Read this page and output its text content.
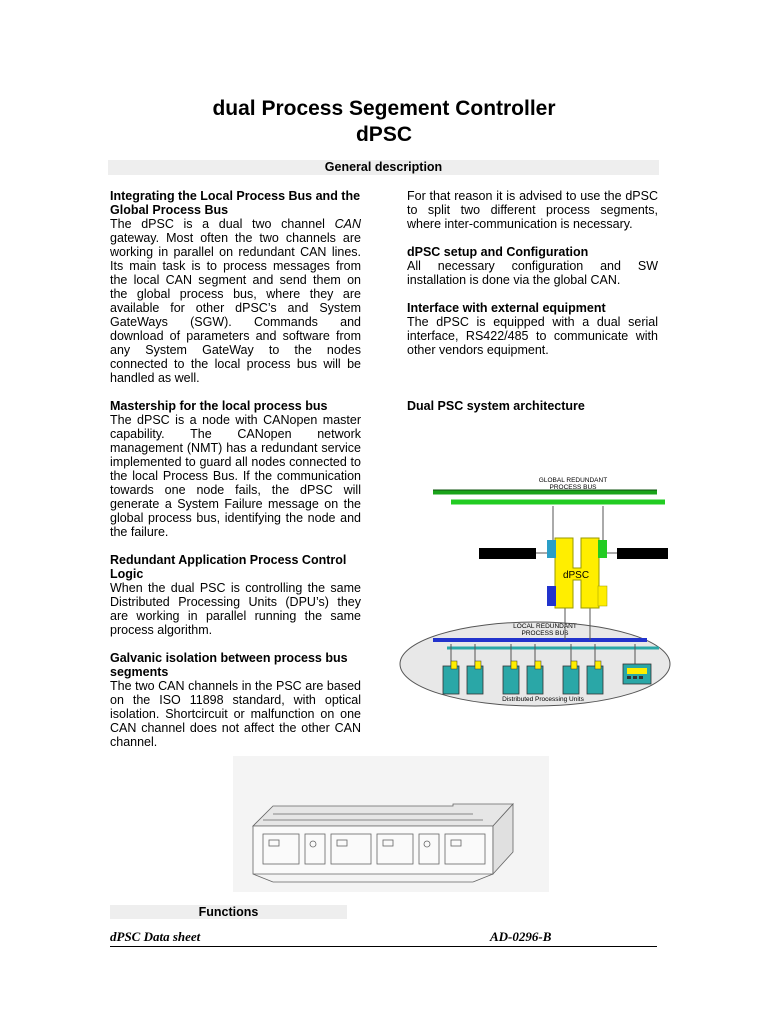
dual Process Segement Controller
dPSC
General description
Integrating the Local Process Bus and the Global Process Bus

The dPSC is a dual two channel CAN gateway. Most often the two channels are working in parallel on redundant CAN lines. Its main task is to process messages from the local CAN segment and send them on the global process bus, where they are available for other dPSC’s and System GateWays (SGW). Commands and download of parameters and software from any System GateWay to the nodes connected to the local process bus will be handled as well.

Mastership for the local process bus

The dPSC is a node with CANopen master capability. The CANopen network management (NMT) has a redundant service implemented to guard all nodes connected to the local Process Bus. If the communication towards one node fails, the dPSC will generate a System Failure message on the global process bus, identifying the node and the failure.

Redundant Application Process Control Logic

When the dual PSC is controlling the same Distributed Processing Units (DPU’s) they are working in parallel running the same process algorithm.

Galvanic isolation between process bus segments

The two CAN channels in the PSC are based on the ISO 11898 standard, with optical isolation. Shortcircuit or malfunction on one CAN channel does not affect the other CAN channel.

For that reason it is advised to use the dPSC to split two different process segments, where inter-communication is necessary.

dPSC setup and Configuration

All necessary configuration and SW installation is done via the global CAN.

Interface with external equipment

The dPSC is equipped with a dual serial interface, RS422/485 to communicate with other vendors equipment.

Dual PSC system architecture
GLOBAL REDUNDANT
PROCESS BUS
LOCAL REDUNDANT
PROCESS BUS
dPSC
Distributed Processing Units
Functions
dPSC Data sheet	AD-0296-B
